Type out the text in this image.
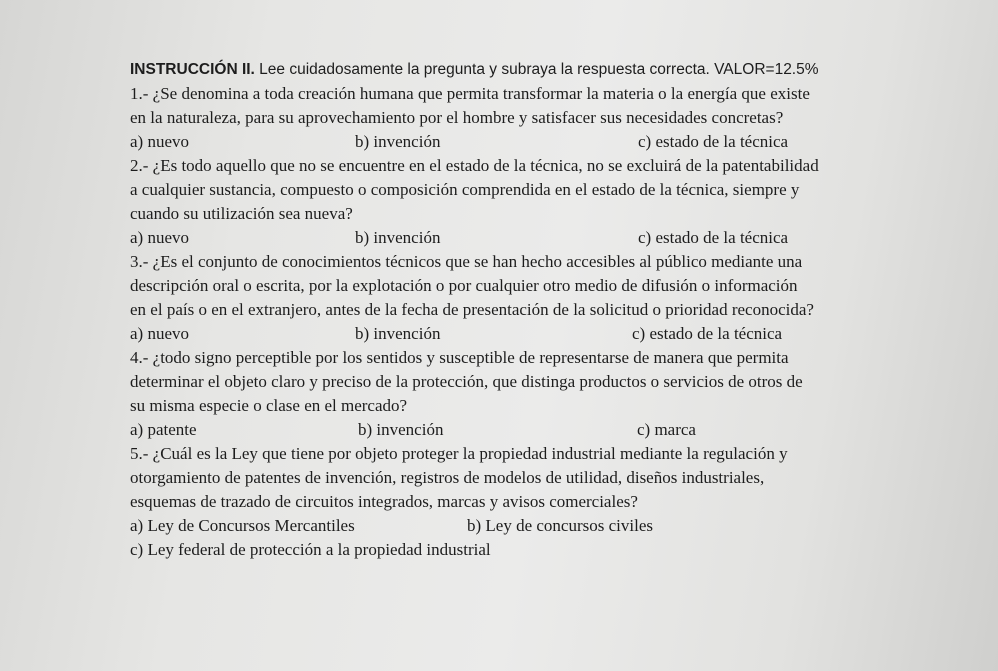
INSTRUCCIÓN II. Lee cuidadosamente la pregunta y subraya la respuesta correcta. VALOR=12.5%
1.- ¿Se denomina a toda creación humana que permita transformar la materia o la energía que existe
en la naturaleza, para su aprovechamiento por el hombre y satisfacer sus necesidades concretas?
a) nuevo	b) invención	c) estado de la técnica
2.- ¿Es todo aquello que no se encuentre en el estado de la técnica, no se excluirá de la patentabilidad
a cualquier sustancia, compuesto o composición comprendida en el estado de la técnica, siempre y
cuando su utilización sea nueva?
a) nuevo	b) invención	c) estado de la técnica
3.- ¿Es el conjunto de conocimientos técnicos que se han hecho accesibles al público mediante una
descripción oral o escrita, por la explotación o por cualquier otro medio de difusión o información
en el país o en el extranjero, antes de la fecha de presentación de la solicitud o prioridad reconocida?
a) nuevo	b) invención	c) estado de la técnica
4.- ¿todo signo perceptible por los sentidos y susceptible de representarse de manera que permita
determinar el objeto claro y preciso de la protección, que distinga productos o servicios de otros de
su misma especie o clase en el mercado?
a) patente	b) invención	c) marca
5.- ¿Cuál es la Ley que tiene por objeto proteger la propiedad industrial mediante la regulación y
otorgamiento de patentes de invención, registros de modelos de utilidad, diseños industriales,
esquemas de trazado de circuitos integrados, marcas y avisos comerciales?
a) Ley de Concursos Mercantiles	b) Ley de concursos civiles
c) Ley federal de protección a la propiedad industrial
